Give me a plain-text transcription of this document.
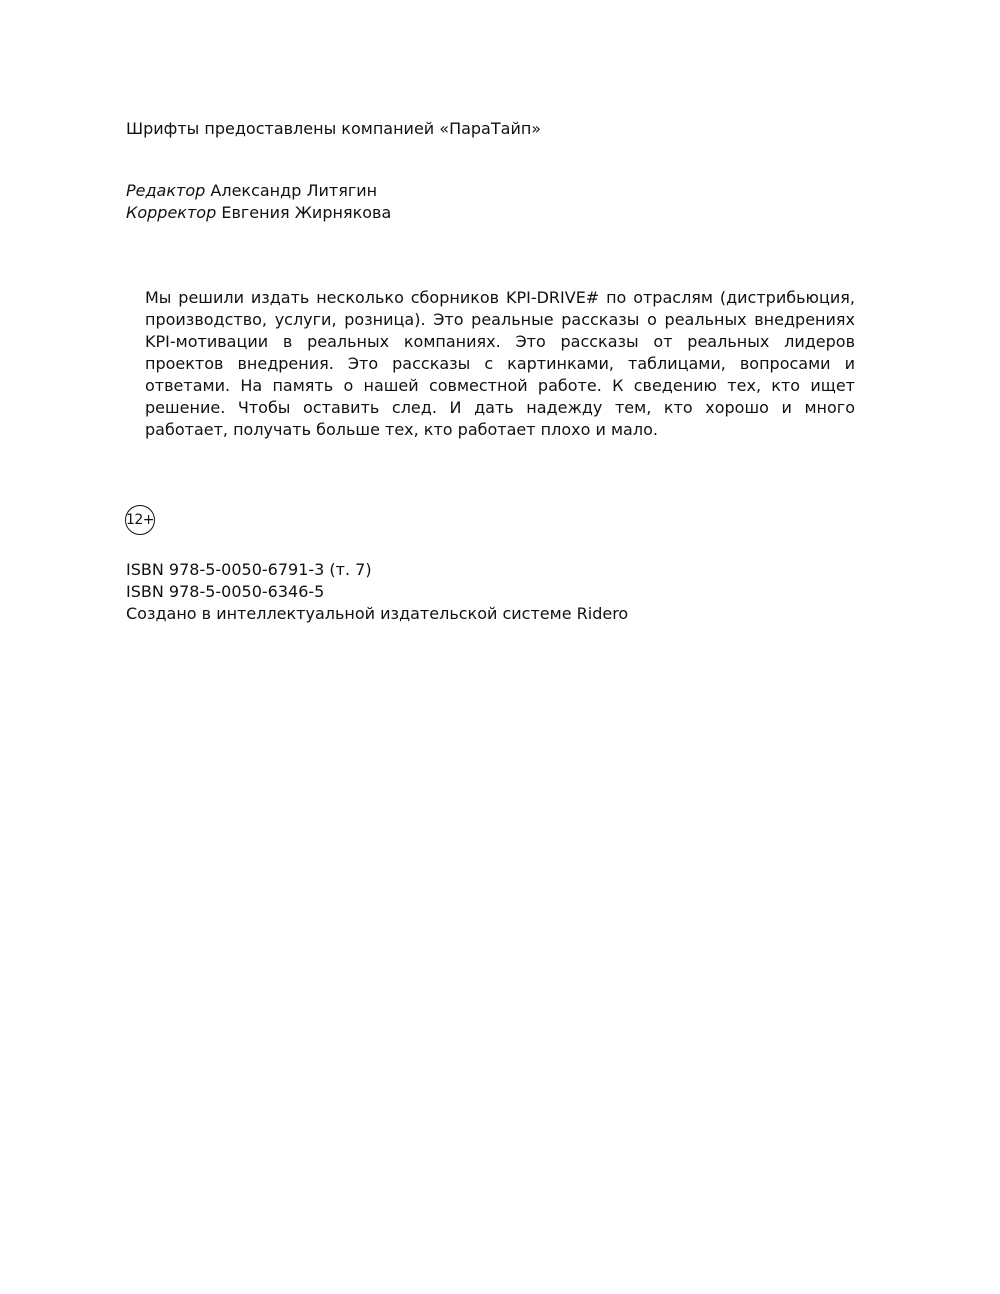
Шрифты предоставлены компанией «ПараТайп»
Редактор Александр Литягин
Корректор Евгения Жирнякова

Мы решили издать несколько сборников KPI-DRIVE# по отраслям (дистрибьюция, производство, услуги, розница). Это реальные рассказы о реальных внедрениях KPI-мотивации в реальных компаниях. Это рассказы от реальных лидеров проектов внедрения. Это рассказы с картинками, таблицами, вопросами и ответами. На память о нашей совместной работе. К сведению тех, кто ищет решение. Чтобы оставить след. И дать надежду тем, кто хорошо и много работает, получать больше тех, кто работает плохо и мало.

12+
ISBN 978-5-0050-6791-3 (т. 7)
ISBN 978-5-0050-6346-5
Создано в интеллектуальной издательской системе Ridero
